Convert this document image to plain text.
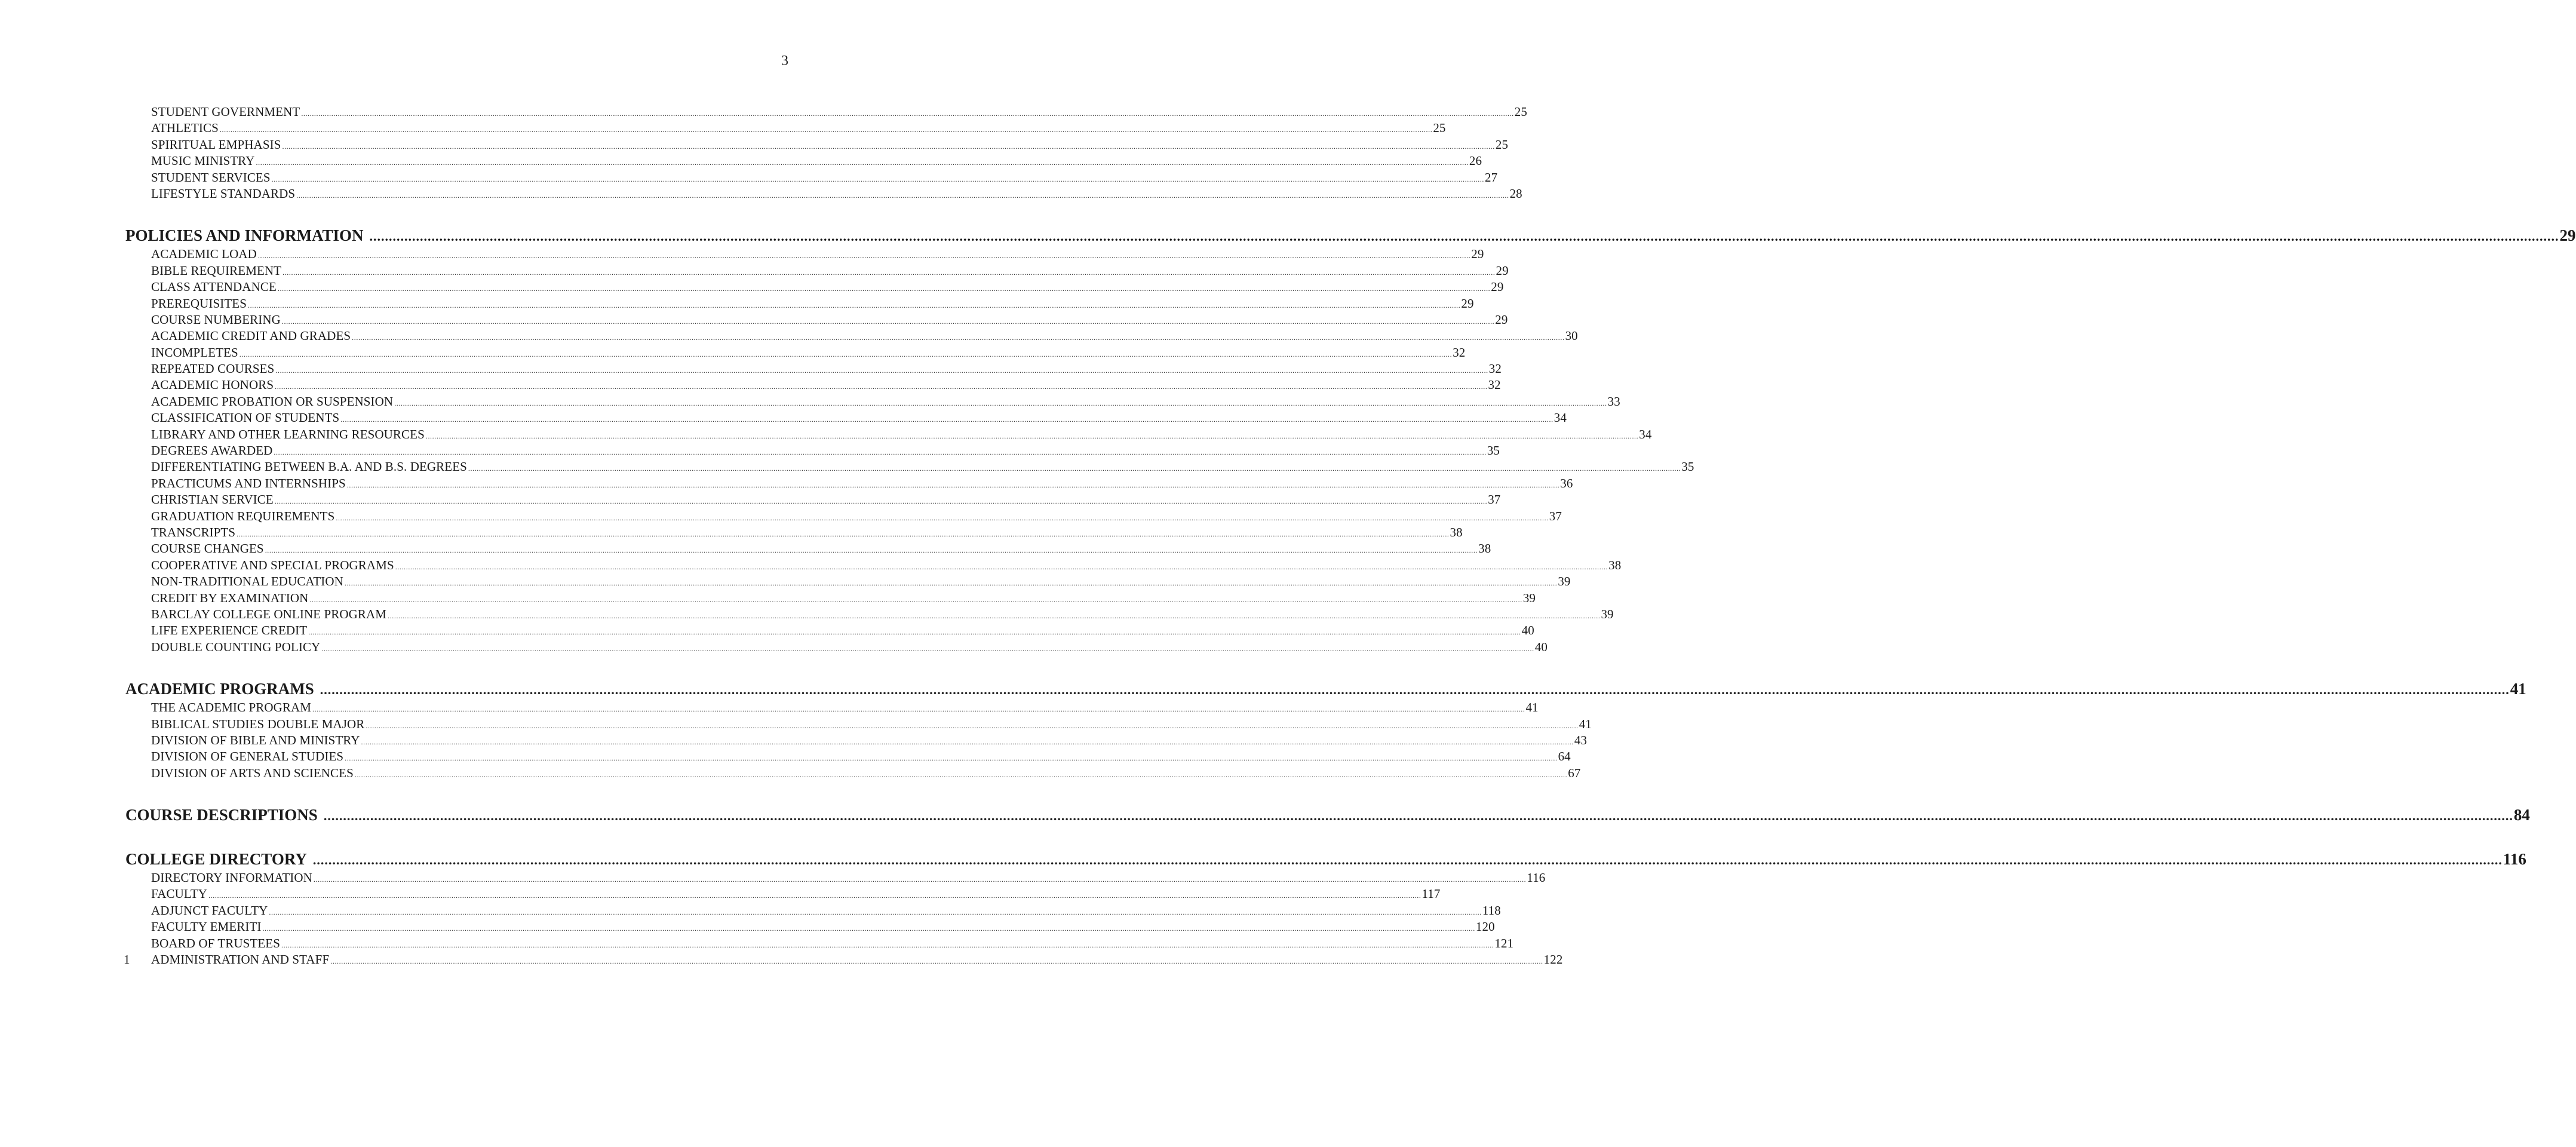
3
STUDENT GOVERNMENT .................................................................................................................................................................................................................................................................................................................................................................................................................................................................................................................................................................................... 25
ATHLETICS .................................................................................................................................................................................................................................................................................................................................................................................................................................................................................................................................................................................... 25
SPIRITUAL EMPHASIS .................................................................................................................................................................................................................................................................................................................................................................................................................................................................................................................................................................................... 25
MUSIC MINISTRY .................................................................................................................................................................................................................................................................................................................................................................................................................................................................................................................................................................................... 26
STUDENT SERVICES .................................................................................................................................................................................................................................................................................................................................................................................................................................................................................................................................................................................... 27
LIFESTYLE STANDARDS .................................................................................................................................................................................................................................................................................................................................................................................................................................................................................................................................................................................... 28
POLICIES AND INFORMATION .................................................................................................................................................................................................................................................................................................................................................................................................................................................................................................................................................................................... 29
ACADEMIC LOAD .................................................................................................................................................................................................................................................................................................................................................................................................................................................................................................................................................................................... 29
BIBLE REQUIREMENT .................................................................................................................................................................................................................................................................................................................................................................................................................................................................................................................................................................................... 29
CLASS ATTENDANCE .................................................................................................................................................................................................................................................................................................................................................................................................................................................................................................................................................................................... 29
PREREQUISITES .................................................................................................................................................................................................................................................................................................................................................................................................................................................................................................................................................................................... 29
COURSE NUMBERING .................................................................................................................................................................................................................................................................................................................................................................................................................................................................................................................................................................................... 29
ACADEMIC CREDIT AND GRADES .................................................................................................................................................................................................................................................................................................................................................................................................................................................................................................................................................................................... 30
INCOMPLETES .................................................................................................................................................................................................................................................................................................................................................................................................................................................................................................................................................................................... 32
REPEATED COURSES .................................................................................................................................................................................................................................................................................................................................................................................................................................................................................................................................................................................... 32
ACADEMIC HONORS .................................................................................................................................................................................................................................................................................................................................................................................................................................................................................................................................................................................... 32
ACADEMIC PROBATION OR SUSPENSION .................................................................................................................................................................................................................................................................................................................................................................................................................................................................................................................................................................................... 33
CLASSIFICATION OF STUDENTS .................................................................................................................................................................................................................................................................................................................................................................................................................................................................................................................................................................................... 34
LIBRARY AND OTHER LEARNING RESOURCES .................................................................................................................................................................................................................................................................................................................................................................................................................................................................................................................................................................................... 34
DEGREES AWARDED .................................................................................................................................................................................................................................................................................................................................................................................................................................................................................................................................................................................... 35
DIFFERENTIATING BETWEEN B.A. AND B.S. DEGREES .................................................................................................................................................................................................................................................................................................................................................................................................................................................................................................................................................................................... 35
PRACTICUMS AND INTERNSHIPS .................................................................................................................................................................................................................................................................................................................................................................................................................................................................................................................................................................................... 36
CHRISTIAN SERVICE .................................................................................................................................................................................................................................................................................................................................................................................................................................................................................................................................................................................... 37
GRADUATION REQUIREMENTS .................................................................................................................................................................................................................................................................................................................................................................................................................................................................................................................................................................................... 37
TRANSCRIPTS .................................................................................................................................................................................................................................................................................................................................................................................................................................................................................................................................................................................... 38
COURSE CHANGES .................................................................................................................................................................................................................................................................................................................................................................................................................................................................................................................................................................................... 38
COOPERATIVE AND SPECIAL PROGRAMS .................................................................................................................................................................................................................................................................................................................................................................................................................................................................................................................................................................................... 38
NON-TRADITIONAL EDUCATION .................................................................................................................................................................................................................................................................................................................................................................................................................................................................................................................................................................................... 39
CREDIT BY EXAMINATION .................................................................................................................................................................................................................................................................................................................................................................................................................................................................................................................................................................................... 39
BARCLAY COLLEGE ONLINE PROGRAM .................................................................................................................................................................................................................................................................................................................................................................................................................................................................................................................................................................................... 39
LIFE EXPERIENCE CREDIT .................................................................................................................................................................................................................................................................................................................................................................................................................................................................................................................................................................................... 40
DOUBLE COUNTING POLICY .................................................................................................................................................................................................................................................................................................................................................................................................................................................................................................................................................................................... 40
ACADEMIC PROGRAMS .................................................................................................................................................................................................................................................................................................................................................................................................................................................................................................................................................................................... 41
THE ACADEMIC PROGRAM .................................................................................................................................................................................................................................................................................................................................................................................................................................................................................................................................................................................... 41
BIBLICAL STUDIES DOUBLE MAJOR .................................................................................................................................................................................................................................................................................................................................................................................................................................................................................................................................................................................... 41
DIVISION OF BIBLE AND MINISTRY .................................................................................................................................................................................................................................................................................................................................................................................................................................................................................................................................................................................... 43
DIVISION OF GENERAL STUDIES .................................................................................................................................................................................................................................................................................................................................................................................................................................................................................................................................................................................... 64
DIVISION OF ARTS AND SCIENCES .................................................................................................................................................................................................................................................................................................................................................................................................................................................................................................................................................................................... 67
COURSE DESCRIPTIONS .................................................................................................................................................................................................................................................................................................................................................................................................................................................................................................................................................................................... 84
COLLEGE DIRECTORY .................................................................................................................................................................................................................................................................................................................................................................................................................................................................................................................................................................................... 116
DIRECTORY INFORMATION .................................................................................................................................................................................................................................................................................................................................................................................................................................................................................................................................................................................... 116
FACULTY .................................................................................................................................................................................................................................................................................................................................................................................................................................................................................................................................................................................... 117
ADJUNCT FACULTY .................................................................................................................................................................................................................................................................................................................................................................................................................................................................................................................................................................................... 118
FACULTY EMERITI .................................................................................................................................................................................................................................................................................................................................................................................................................................................................................................................................................................................... 120
BOARD OF TRUSTEES .................................................................................................................................................................................................................................................................................................................................................................................................................................................................................................................................................................................... 121
1 ADMINISTRATION AND STAFF .................................................................................................................................................................................................................................................................................................................................................................................................................................................................................................................................................................................... 122
